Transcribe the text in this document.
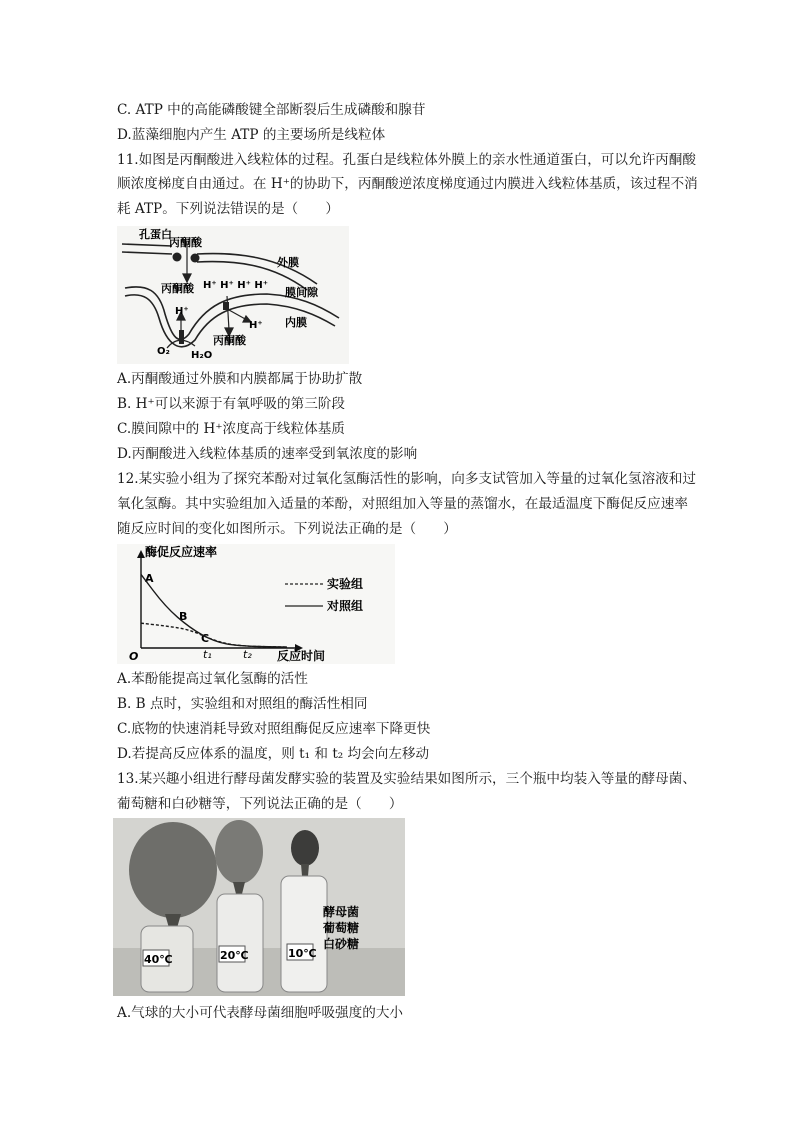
C. ATP 中的高能磷酸键全部断裂后生成磷酸和腺苷
D.蓝藻细胞内产生 ATP 的主要场所是线粒体
11.如图是丙酮酸进入线粒体的过程。孔蛋白是线粒体外膜上的亲水性通道蛋白，可以允许丙酮酸
顺浓度梯度自由通过。在 H⁺的协助下，丙酮酸逆浓度梯度通过内膜进入线粒体基质，该过程不消
耗 ATP。下列说法错误的是（　　）
孔蛋白
丙酮酸
外膜
丙酮酸 H⁺ H⁺ H⁺ H⁺
膜间隙
内膜
H⁺
H⁺
丙酮酸
O₂ H₂O
A.丙酮酸通过外膜和内膜都属于协助扩散
B. H⁺可以来源于有氧呼吸的第三阶段
C.膜间隙中的 H⁺浓度高于线粒体基质
D.丙酮酸进入线粒体基质的速率受到氧浓度的影响
12.某实验小组为了探究苯酚对过氧化氢酶活性的影响，向多支试管加入等量的过氧化氢溶液和过
氧化氢酶。其中实验组加入适量的苯酚，对照组加入等量的蒸馏水，在最适温度下酶促反应速率
随反应时间的变化如图所示。下列说法正确的是（　　）
酶促反应速率
反应时间
O	t₁	t₂
A
B
C
实验组
对照组
A.苯酚能提高过氧化氢酶的活性
B. B 点时，实验组和对照组的酶活性相同
C.底物的快速消耗导致对照组酶促反应速率下降更快
D.若提高反应体系的温度，则 t₁ 和 t₂ 均会向左移动
13.某兴趣小组进行酵母菌发酵实验的装置及实验结果如图所示，三个瓶中均装入等量的酵母菌、
葡萄糖和白砂糖等，下列说法正确的是（　　）
40℃	20℃	10℃
酵母菌
葡萄糖
白砂糖
A.气球的大小可代表酵母菌细胞呼吸强度的大小
